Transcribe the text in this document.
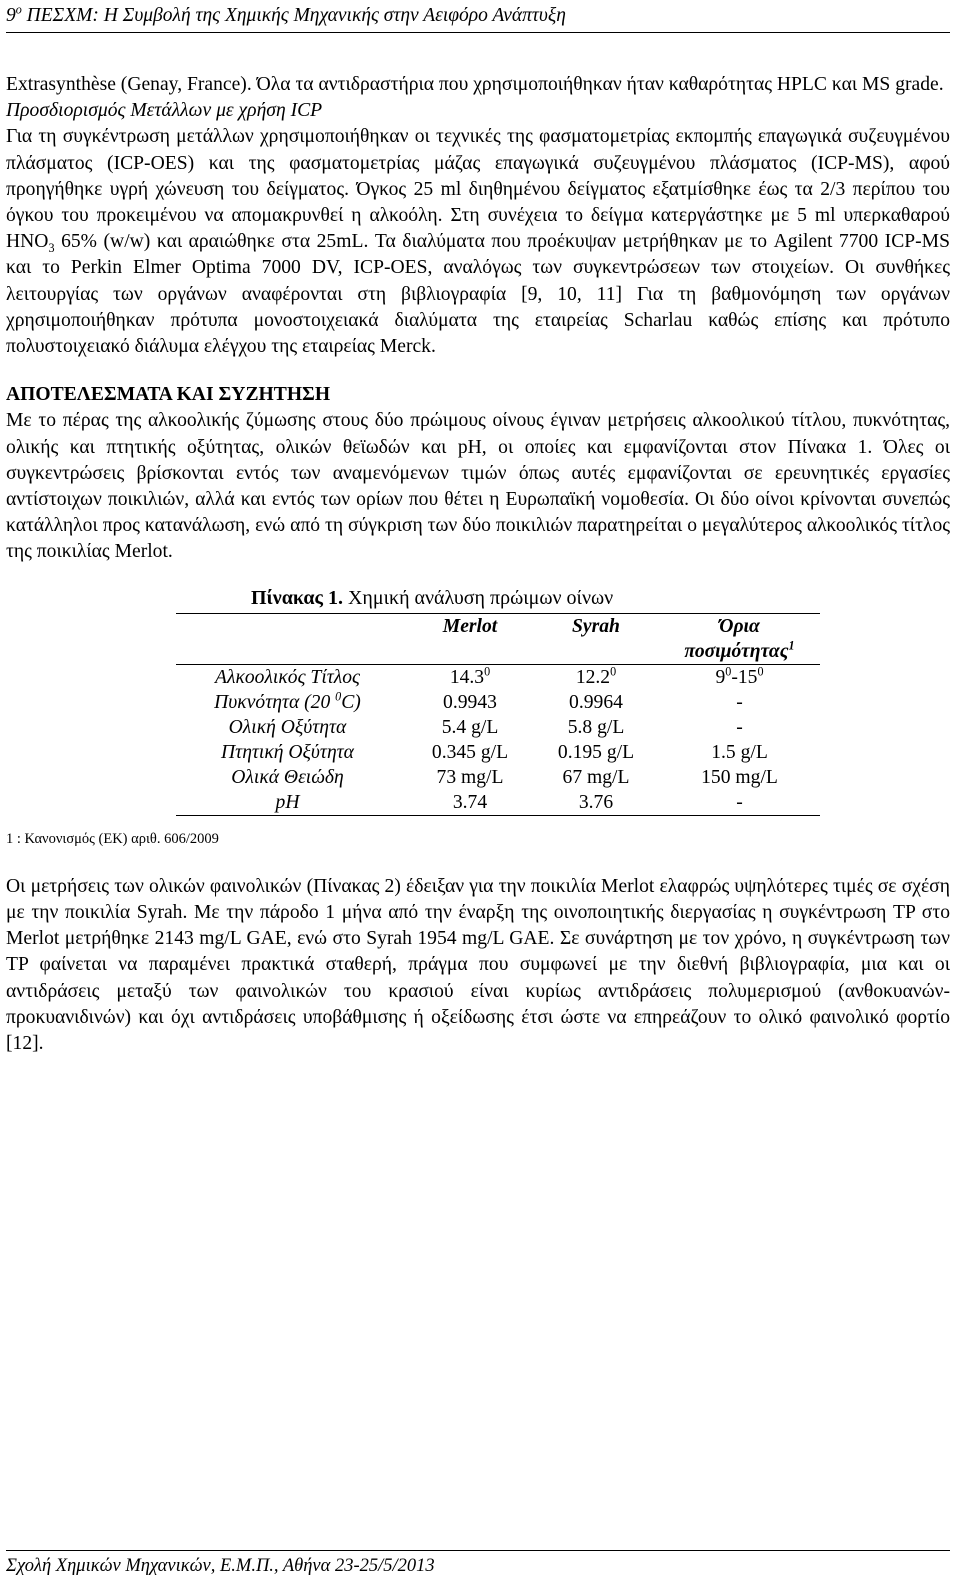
$9^o$ ΠΕΣΧΜ: Η Συμβολή της Χημικής Μηχανικής στην Αειφόρο Ανάπτυξη

Extrasynthèse (Genay, France). Όλα τα αντιδραστήρια που χρησιμοποιήθηκαν ήταν καθαρότητας HPLC και MS grade.

Προσδιορισμός Μετάλλων με χρήση ICP

Για τη συγκέντρωση μετάλλων χρησιμοποιήθηκαν οι τεχνικές της φασματομετρίας εκπομπής επαγωγικά συζευγμένου πλάσματος (ICP-OES) και της φασματομετρίας μάζας επαγωγικά συζευγμένου πλάσματος (ICP-MS), αφού προηγήθηκε υγρή χώνευση του δείγματος. Όγκος 25 ml διηθημένου δείγματος εξατμίσθηκε έως τα 2/3 περίπου του όγκου του προκειμένου να απομακρυνθεί η αλκοόλη. Στη συνέχεια το δείγμα κατεργάστηκε με 5 ml υπερκαθαρού $HNO_3$ 65% (w/w) και αραιώθηκε στα 25mL. Τα διαλύματα που προέκυψαν μετρήθηκαν με το Agilent 7700 ICP-MS και το Perkin Elmer Optima 7000 DV, ICP-OES, αναλόγως των συγκεντρώσεων των στοιχείων. Οι συνθήκες λειτουργίας των οργάνων αναφέρονται στη βιβλιογραφία [9, 10, 11] Για τη βαθμονόμηση των οργάνων χρησιμοποιήθηκαν πρότυπα μονοστοιχειακά διαλύματα της εταιρείας Scharlau καθώς επίσης και πρότυπο πολυστοιχειακό διάλυμα ελέγχου της εταιρείας Merck.

ΑΠΟΤΕΛΕΣΜΑΤΑ ΚΑΙ ΣΥΖΗΤΗΣΗ

Με το πέρας της αλκοολικής ζύμωσης στους δύο πρώιμους οίνους έγιναν μετρήσεις αλκοολικού τίτλου, πυκνότητας, ολικής και πτητικής οξύτητας, ολικών θεϊωδών και pH, οι οποίες και εμφανίζονται στον Πίνακα 1. Όλες οι συγκεντρώσεις βρίσκονται εντός των αναμενόμενων τιμών όπως αυτές εμφανίζονται σε ερευνητικές εργασίες αντίστοιχων ποικιλιών, αλλά και εντός των ορίων που θέτει η Ευρωπαϊκή νομοθεσία. Οι δύο οίνοι κρίνονται συνεπώς κατάλληλοι προς κατανάλωση, ενώ από τη σύγκριση των δύο ποικιλιών παρατηρείται ο μεγαλύτερος αλκοολικός τίτλος της ποικιλίας Merlot.

Πίνακας 1. Χημική ανάλυση πρώιμων οίνων			
	Merlot	Syrah	Όρια
ποσιμότητας$^1$
Αλκοολικός Τίτλος	14.3$^0$	12.2$^0$	$9^0-15^0$
Πυκνότητα (20 $^0$C)	0.9943	0.9964	-
Ολική Οξύτητα	5.4 g/L	5.8 g/L	-
Πτητική Οξύτητα	0.345 g/L	0.195 g/L	1.5 g/L
Ολικά Θειώδη	73 mg/L	67 mg/L	150 mg/L
pH	3.74	3.76	-

1 : Κανονισμός (ΕΚ) αριθ. 606/2009

Οι μετρήσεις των ολικών φαινολικών (Πίνακας 2) έδειξαν για την ποικιλία Merlot ελαφρώς υψηλότερες τιμές σε σχέση με την ποικιλία Syrah. Με την πάροδο 1 μήνα από την έναρξη της οινοποιητικής διεργασίας η συγκέντρωση TP στο Merlot μετρήθηκε 2143 mg/L GAE, ενώ στο Syrah 1954 mg/L GAE. Σε συνάρτηση με τον χρόνο, η συγκέντρωση των TP φαίνεται να παραμένει πρακτικά σταθερή, πράγμα που συμφωνεί με την διεθνή βιβλιογραφία, μια και οι αντιδράσεις μεταξύ των φαινολικών του κρασιού είναι κυρίως αντιδράσεις πολυμερισμού (ανθοκυανών-προκυανιδινών) και όχι αντιδράσεις υποβάθμισης ή οξείδωσης έτσι ώστε να επηρεάζουν το ολικό φαινολικό φορτίο [12].

Σχολή Χημικών Μηχανικών, Ε.Μ.Π., Αθήνα 23-25/5/2013
